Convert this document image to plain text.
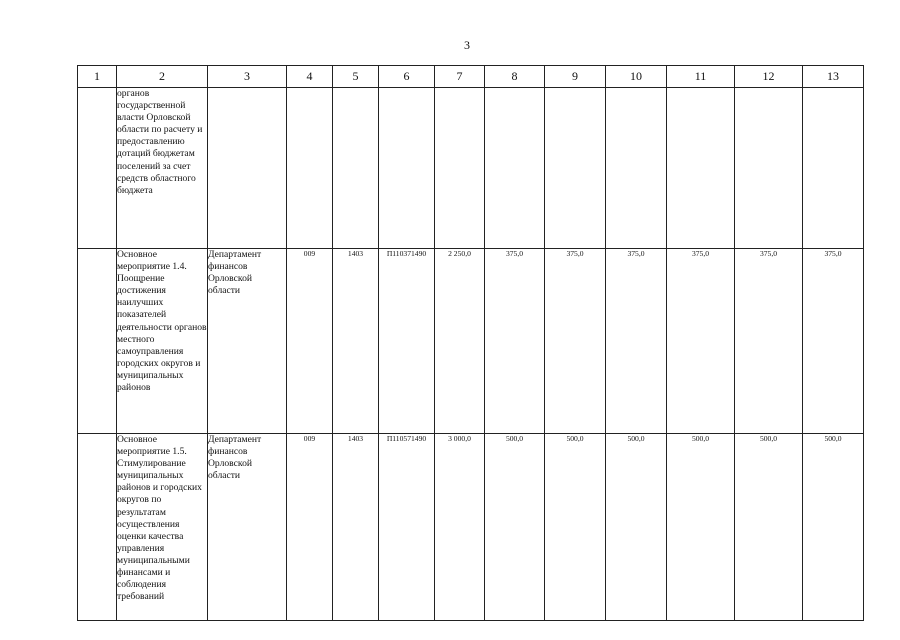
3
1	2	3	4	5	6	7	8	9	10	11	12	13
	органов государственной власти Орловской области по расчету и предоставлению дотаций бюджетам поселений за счет средств областного бюджета											
	Основное мероприятие 1.4. Поощрение достижения наилучших показателей деятельности органов местного самоуправления городских округов и муниципальных районов	Департамент финансов Орловской области	009	1403	П110371490	2 250,0	375,0	375,0	375,0	375,0	375,0	375,0
	Основное мероприятие 1.5. Стимулирование муниципальных районов и городских округов по результатам осуществления оценки качества управления муниципальными финансами и соблюдения требований	Департамент финансов Орловской области	009	1403	П110571490	3 000,0	500,0	500,0	500,0	500,0	500,0	500,0
